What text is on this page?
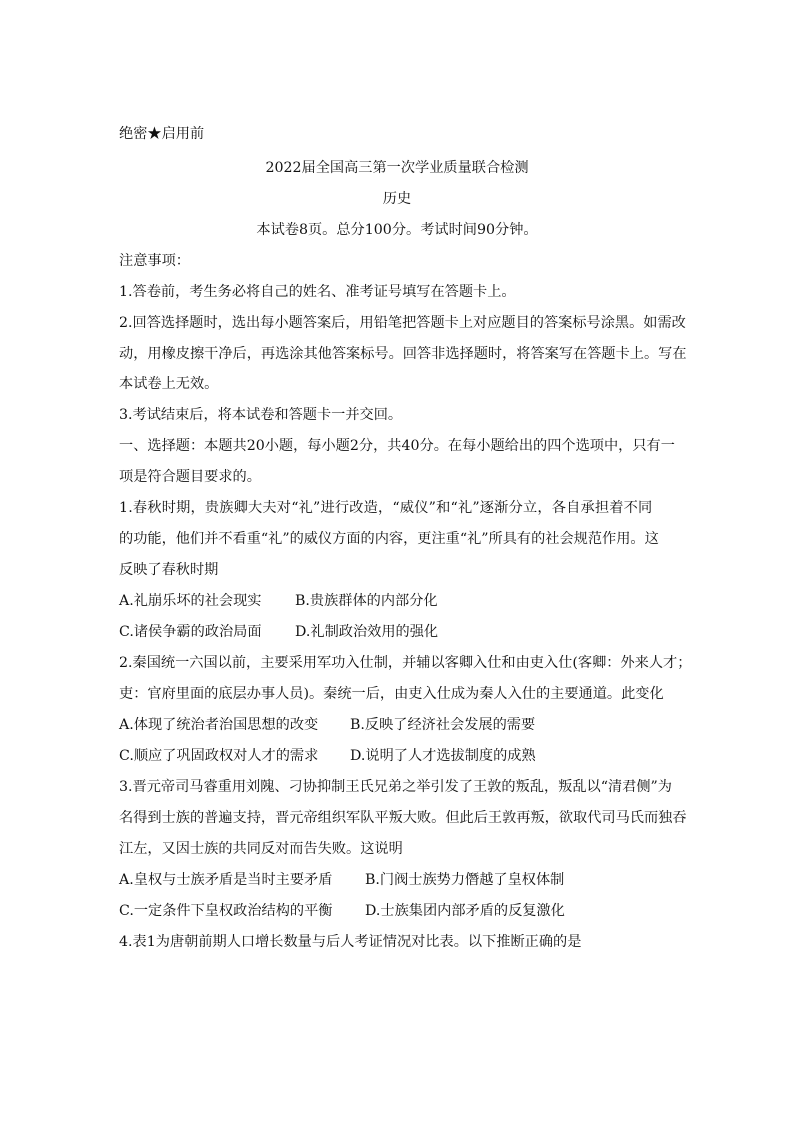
绝密★启用前
2022届全国高三第一次学业质量联合检测
历史
本试卷8页。总分100分。考试时间90分钟。
注意事项：
1.答卷前，考生务必将自己的姓名、准考证号填写在答题卡上。
2.回答选择题时，选出每小题答案后，用铅笔把答题卡上对应题目的答案标号涂黑。如需改
动，用橡皮擦干净后，再选涂其他答案标号。回答非选择题时，将答案写在答题卡上。写在
本试卷上无效。
3.考试结束后，将本试卷和答题卡一并交回。
一、选择题：本题共20小题，每小题2分，共40分。在每小题给出的四个选项中，只有一
项是符合题目要求的。
1.春秋时期，贵族卿大夫对“礼”进行改造，“威仪”和“礼”逐渐分立，各自承担着不同
的功能，他们并不看重“礼”的威仪方面的内容，更注重“礼”所具有的社会规范作用。这
反映了春秋时期
A.礼崩乐坏的社会现实 B.贵族群体的内部分化
C.诸侯争霸的政治局面 D.礼制政治效用的强化
2.秦国统一六国以前，主要采用军功入仕制，并辅以客卿入仕和由吏入仕(客卿：外来人才；
吏：官府里面的底层办事人员)。秦统一后，由吏入仕成为秦人入仕的主要通道。此变化
A.体现了统治者治国思想的改变 B.反映了经济社会发展的需要
C.顺应了巩固政权对人才的需求 D.说明了人才选拔制度的成熟
3.晋元帝司马睿重用刘隗、刁协抑制王氏兄弟之举引发了王敦的叛乱，叛乱以“清君侧”为
名得到士族的普遍支持，晋元帝组织军队平叛大败。但此后王敦再叛，欲取代司马氏而独吞
江左，又因士族的共同反对而告失败。这说明
A.皇权与士族矛盾是当时主要矛盾 B.门阀士族势力僭越了皇权体制
C.一定条件下皇权政治结构的平衡 D.士族集团内部矛盾的反复激化
4.表1为唐朝前期人口增长数量与后人考证情况对比表。以下推断正确的是
